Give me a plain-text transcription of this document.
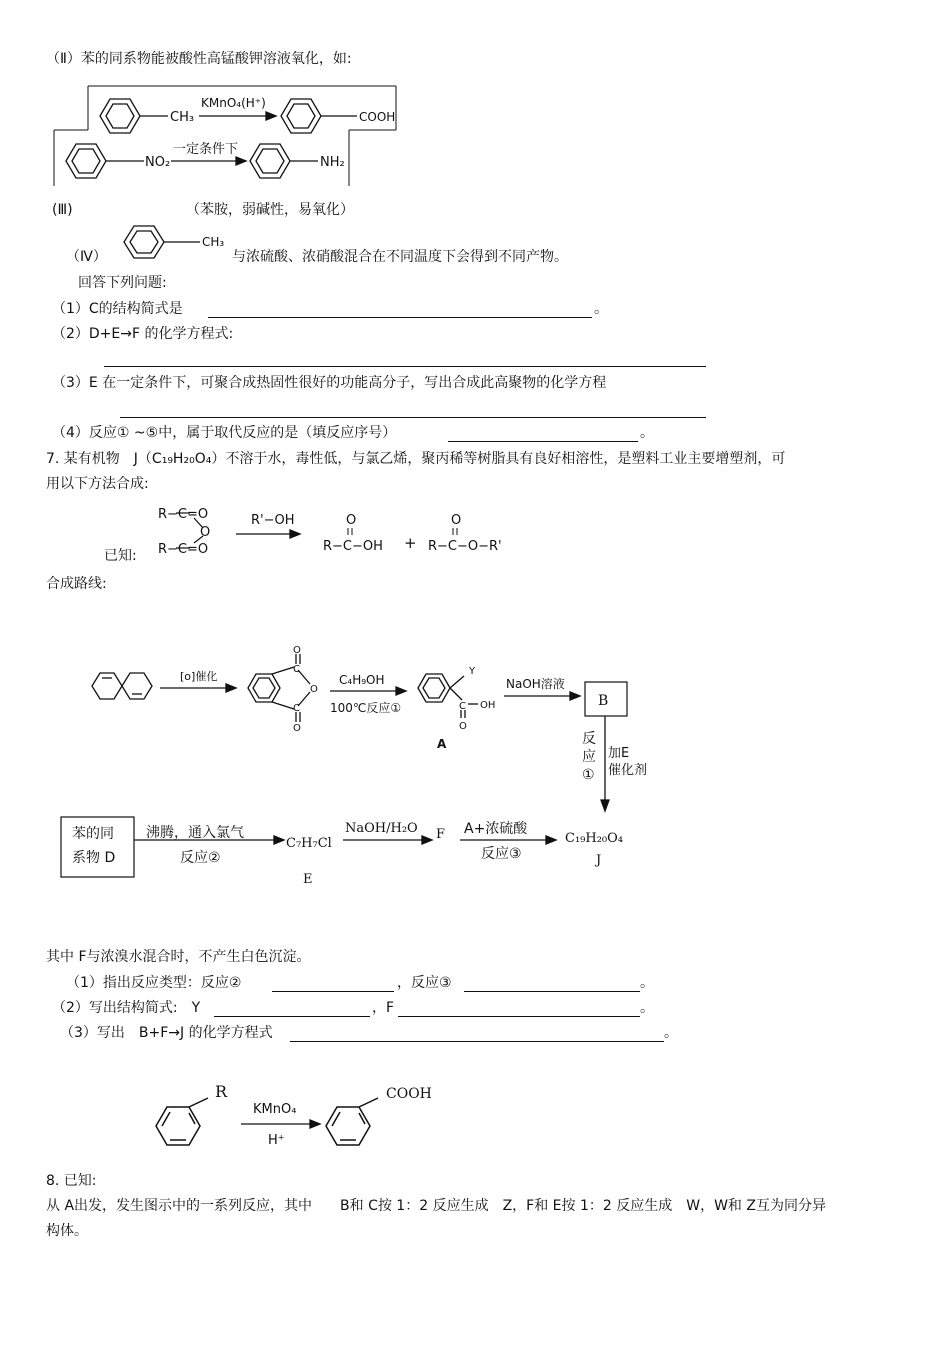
（Ⅱ）苯的同系物能被酸性高锰酸钾溶液氧化，如:
CH₃
KMnO₄(H⁺)
COOH
NO₂
一定条件下
NH₂
CH₃
R−C=O
O
R−C=O
R'−OH	O
R−C−OH +
O
R−C−O−R'
[o]催化
O
C
O
C
O
C₄H₉OH
100℃反应①
Y
C OH
O
A
NaOH溶液
B
C₇H₇Cl
E
F	C₁₉H₂₀O₄
J
R
KMnO₄
H⁺
COOH
(Ⅲ)	（苯胺，弱碱性，易氧化）
（Ⅳ）	与浓硫酸、浓硝酸混合在不同温度下会得到不同产物。
回答下列问题:
（1）C的结构简式是	。
（2）D+E→F 的化学方程式:
（3）E 在一定条件下，可聚合成热固性很好的功能高分子，写出合成此高聚物的化学方程
（4）反应① ~⑤中，属于取代反应的是（填反应序号）	。
7. 某有机物　J（C₁₉H₂₀O₄）不溶于水，毒性低，与氯乙烯，聚丙稀等树脂具有良好相溶性，是塑料工业主要增塑剂，可
用以下方法合成:
已知:
合成路线:
反应①
加E
催化剂
苯的同
系物 D
沸腾，通入氯气
反应②
NaOH/H₂O	A+浓硫酸
反应③
其中 F与浓溴水混合时，不产生白色沉淀。
（1）指出反应类型：反应②	，反应③	。
（2）写出结构简式:　Y	，F	。
（3）写出　B+F→J 的化学方程式	。
8. 已知:
从 A出发，发生图示中的一系列反应，其中　　B和 C按 1：2 反应生成　Z，F和 E按 1：2 反应生成　W，W和 Z互为同分异
构体。
